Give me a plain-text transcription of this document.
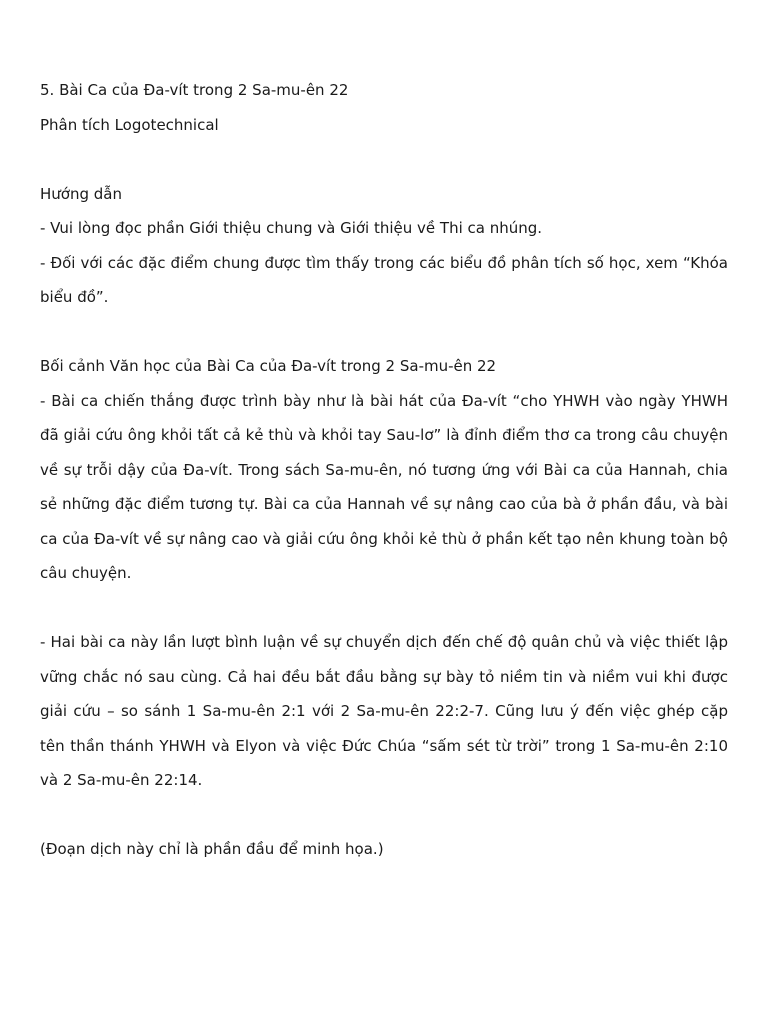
5. Bài Ca của Đa-vít trong 2 Sa-mu-ên 22

Phân tích Logotechnical

Hướng dẫn

- Vui lòng đọc phần Giới thiệu chung và Giới thiệu về Thi ca nhúng.

- Đối với các đặc điểm chung được tìm thấy trong các biểu đồ phân tích số học, xem “Khóa biểu đồ”.

Bối cảnh Văn học của Bài Ca của Đa-vít trong 2 Sa-mu-ên 22

- Bài ca chiến thắng được trình bày như là bài hát của Đa-vít “cho YHWH vào ngày YHWH đã giải cứu ông khỏi tất cả kẻ thù và khỏi tay Sau-lơ” là đỉnh điểm thơ ca trong câu chuyện về sự trỗi dậy của Đa-vít. Trong sách Sa-mu-ên, nó tương ứng với Bài ca của Hannah, chia sẻ những đặc điểm tương tự. Bài ca của Hannah về sự nâng cao của bà ở phần đầu, và bài ca của Đa-vít về sự nâng cao và giải cứu ông khỏi kẻ thù ở phần kết tạo nên khung toàn bộ câu chuyện.

- Hai bài ca này lần lượt bình luận về sự chuyển dịch đến chế độ quân chủ và việc thiết lập vững chắc nó sau cùng. Cả hai đều bắt đầu bằng sự bày tỏ niềm tin và niềm vui khi được giải cứu – so sánh 1 Sa-mu-ên 2:1 với 2 Sa-mu-ên 22:2-7. Cũng lưu ý đến việc ghép cặp tên thần thánh YHWH và Elyon và việc Đức Chúa “sấm sét từ trời” trong 1 Sa-mu-ên 2:10 và 2 Sa-mu-ên 22:14.

(Đoạn dịch này chỉ là phần đầu để minh họa.)
